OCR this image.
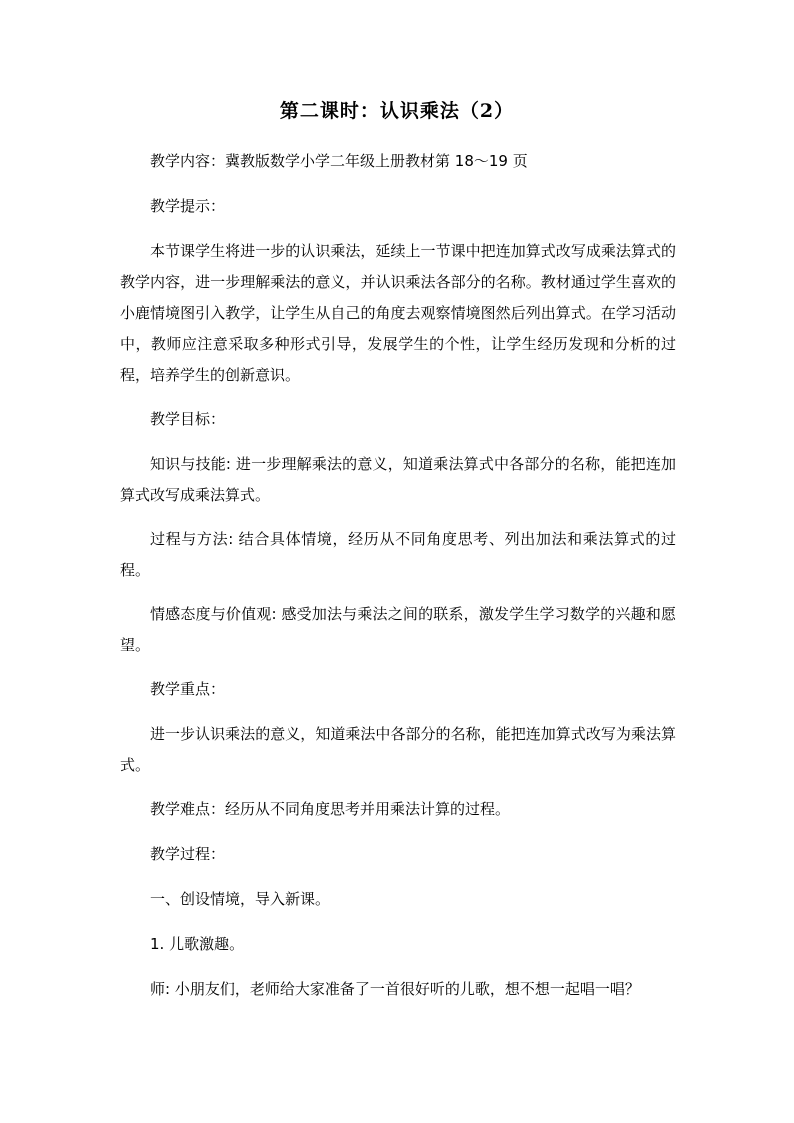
第二课时：认识乘法（2）

教学内容：冀教版数学小学二年级上册教材第 18～19 页

教学提示：

本节课学生将进一步的认识乘法，延续上一节课中把连加算式改写成乘法算式的教学内容，进一步理解乘法的意义，并认识乘法各部分的名称。教材通过学生喜欢的小鹿情境图引入教学，让学生从自己的角度去观察情境图然后列出算式。在学习活动中，教师应注意采取多种形式引导，发展学生的个性，让学生经历发现和分析的过程，培养学生的创新意识。

教学目标：

知识与技能: 进一步理解乘法的意义，知道乘法算式中各部分的名称，能把连加算式改写成乘法算式。

过程与方法: 结合具体情境，经历从不同角度思考、列出加法和乘法算式的过程。

情感态度与价值观: 感受加法与乘法之间的联系，激发学生学习数学的兴趣和愿望。

教学重点：

进一步认识乘法的意义，知道乘法中各部分的名称，能把连加算式改写为乘法算式。

教学难点：经历从不同角度思考并用乘法计算的过程。

教学过程：

一、创设情境，导入新课。

1. 儿歌激趣。

师: 小朋友们，老师给大家准备了一首很好听的儿歌，想不想一起唱一唱？
